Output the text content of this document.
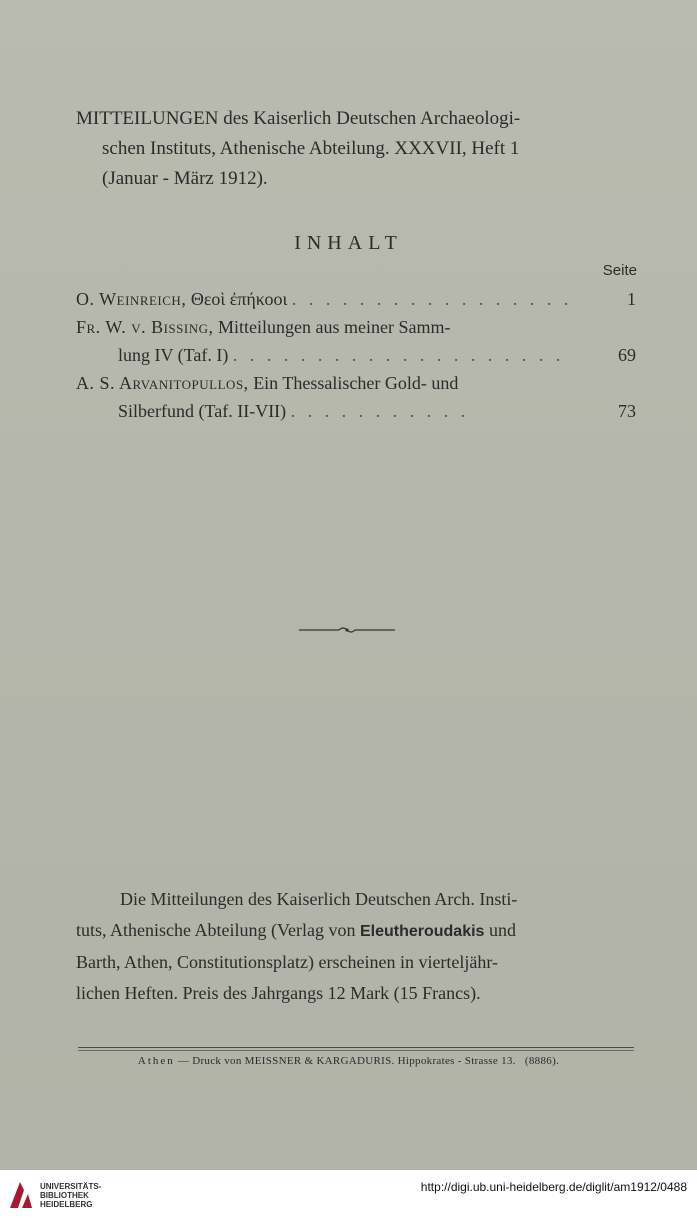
MITTEILUNGEN des Kaiserlich Deutschen Archaeologi-
schen Instituts, Athenische Abteilung. XXXVII, Heft 1
(Januar - März 1912).
INHALT
Seite
O. Weinreich, Θεοὶ ἐπήκοοι . . . . . . . . . . . . . . . . .	1
Fr. W. v. Bissing, Mitteilungen aus meiner Samm-
lung IV (Taf. I) . . . . . . . . . . . . . . . . . . . .	69
A. S. Arvanitopullos, Ein Thessalischer Gold- und
Silberfund (Taf. II-VII) . . . . . . . . . . .	73
Die Mitteilungen des Kaiserlich Deutschen Arch. Insti-
tuts, Athenische Abteilung (Verlag von Eleutheroudakis und
Barth, Athen, Constitutionsplatz) erscheinen in vierteljähr-
lichen Heften. Preis des Jahrgangs 12 Mark (15 Francs).
Athen — Druck von MEISSNER & KARGADURIS. Hippokrates - Strasse 13. (8886).
UNIVERSITÄTS-
BIBLIOTHEK
HEIDELBERG
http://digi.ub.uni-heidelberg.de/diglit/am1912/0488
